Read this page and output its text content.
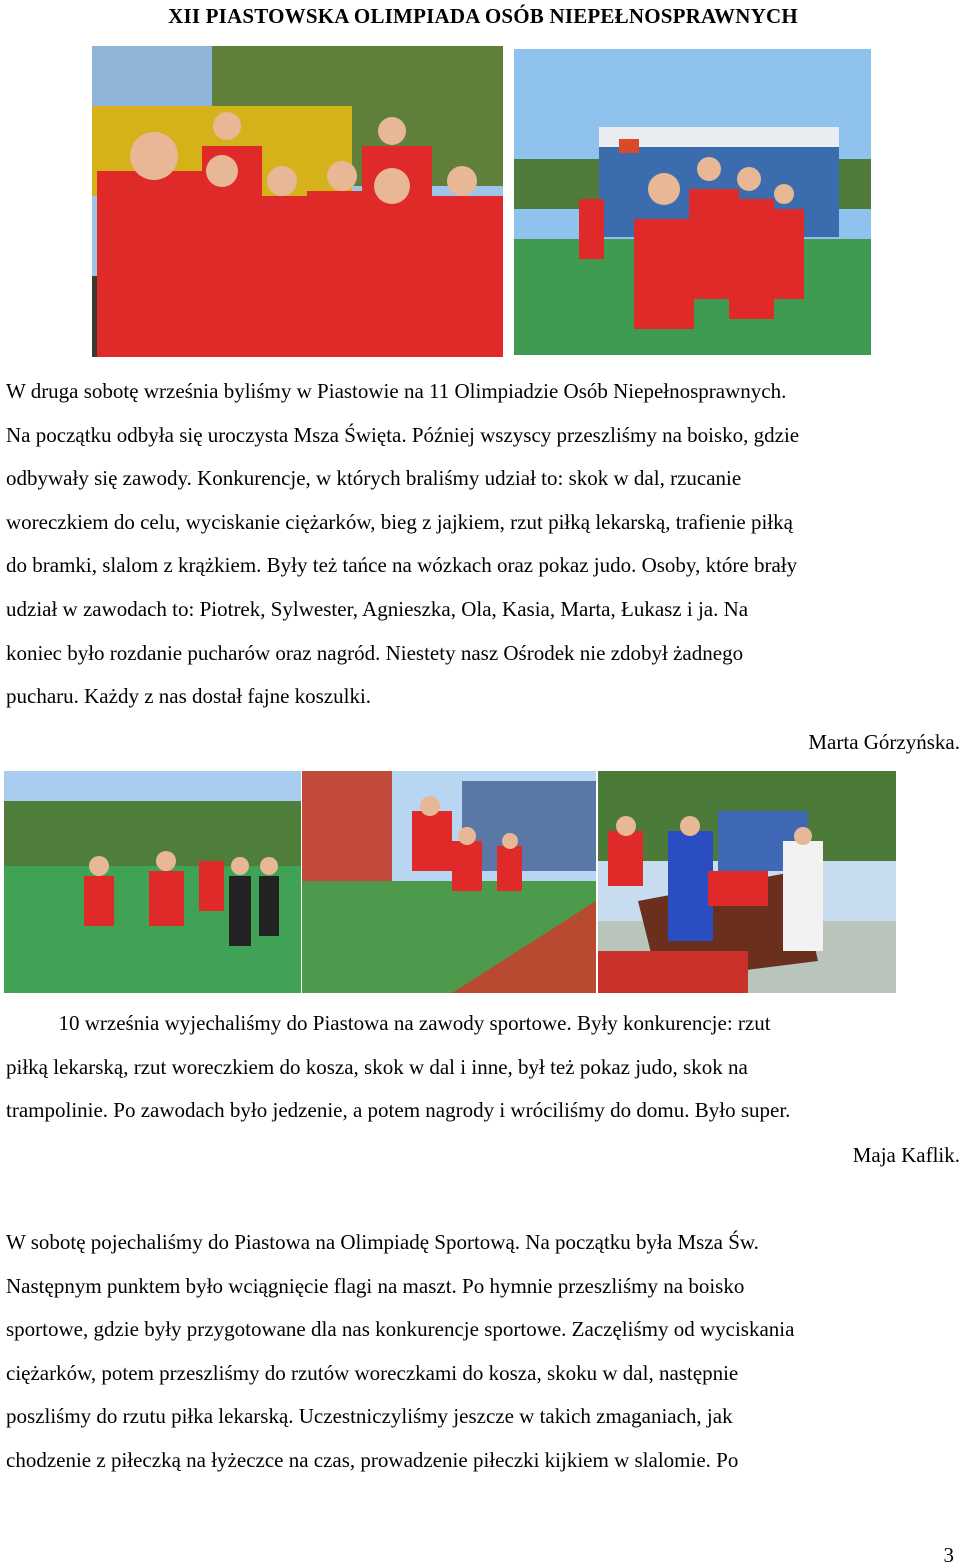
XII PIASTOWSKA OLIMPIADA OSÓB NIEPEŁNOSPRAWNYCH

W druga sobotę września byliśmy w Piastowie na 11 Olimpiadzie Osób Niepełnosprawnych.
Na początku odbyła się uroczysta Msza Święta. Później wszyscy przeszliśmy na boisko, gdzie
odbywały się zawody. Konkurencje, w których braliśmy udział to: skok w dal, rzucanie
woreczkiem do celu, wyciskanie ciężarków, bieg z jajkiem, rzut piłką lekarską, trafienie piłką
do bramki, slalom z krążkiem. Były też tańce na wózkach oraz pokaz judo. Osoby, które brały
udział w zawodach to: Piotrek, Sylwester, Agnieszka, Ola, Kasia, Marta, Łukasz i ja. Na
koniec było rozdanie pucharów oraz nagród. Niestety nasz Ośrodek nie zdobył żadnego
pucharu. Każdy z nas dostał fajne koszulki.

Marta Górzyńska.

10 września wyjechaliśmy do Piastowa na zawody sportowe. Były konkurencje: rzut
piłką lekarską, rzut woreczkiem do kosza, skok w dal i inne, był też pokaz judo, skok na
trampolinie. Po zawodach było jedzenie, a potem nagrody i wróciliśmy do domu. Było super.

Maja Kaflik.

W sobotę pojechaliśmy do Piastowa na Olimpiadę Sportową. Na początku była Msza Św.
Następnym punktem było wciągnięcie flagi na maszt. Po hymnie przeszliśmy na boisko
sportowe, gdzie były przygotowane dla nas konkurencje sportowe. Zaczęliśmy od wyciskania
ciężarków, potem przeszliśmy do rzutów woreczkami do kosza, skoku w dal, następnie
poszliśmy do rzutu piłka lekarską. Uczestniczyliśmy jeszcze w takich zmaganiach, jak
chodzenie z piłeczką na łyżeczce na czas, prowadzenie piłeczki kijkiem w slalomie. Po

3
